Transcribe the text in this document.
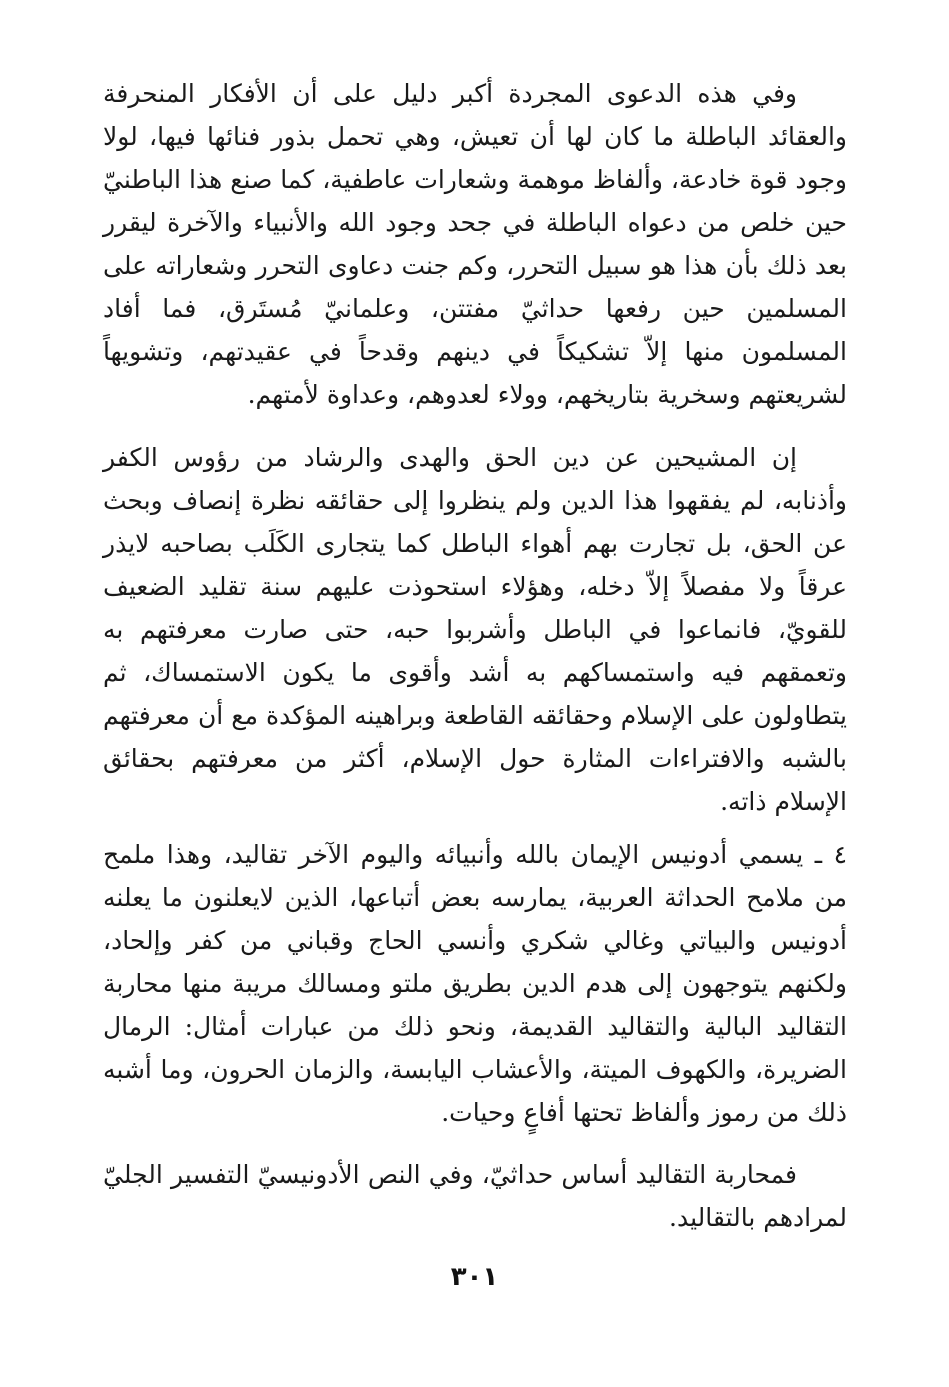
وفي هذه الدعوى المجردة أكبر دليل على أن الأفكار المنحرفة والعقائد الباطلة ما كان لها أن تعيش، وهي تحمل بذور فنائها فيها، لولا وجود قوة خادعة، وألفاظ موهمة وشعارات عاطفية، كما صنع هذا الباطنيّ حين خلص من دعواه الباطلة في جحد وجود الله والأنبياء والآخرة ليقرر بعد ذلك بأن هذا هو سبيل التحرر، وكم جنت دعاوى التحرر وشعاراته على المسلمين حين رفعها حداثيّ مفتتن، وعلمانيّ مُستَرق، فما أفاد المسلمون منها إلاّ تشكيكاً في دينهم وقدحاً في عقيدتهم، وتشويهاً لشريعتهم وسخرية بتاريخهم، وولاء لعدوهم، وعداوة لأمتهم.

إن المشيحين عن دين الحق والهدى والرشاد من رؤوس الكفر وأذنابه، لم يفقهوا هذا الدين ولم ينظروا إلى حقائقه نظرة إنصاف وبحث عن الحق، بل تجارت بهم أهواء الباطل كما يتجارى الكَلَب بصاحبه لايذر عرقاً ولا مفصلاً إلاّ دخله، وهؤلاء استحوذت عليهم سنة تقليد الضعيف للقويّ، فانماعوا في الباطل وأشربوا حبه، حتى صارت معرفتهم به وتعمقهم فيه واستمساكهم به أشد وأقوى ما يكون الاستمساك، ثم يتطاولون على الإسلام وحقائقه القاطعة وبراهينه المؤكدة مع أن معرفتهم بالشبه والافتراءات المثارة حول الإسلام، أكثر من معرفتهم بحقائق الإسلام ذاته.

٤ ـ يسمي أدونيس الإيمان بالله وأنبيائه واليوم الآخر تقاليد، وهذا ملمح من ملامح الحداثة العربية، يمارسه بعض أتباعها، الذين لايعلنون ما يعلنه أدونيس والبياتي وغالي شكري وأنسي الحاج وقباني من كفر وإلحاد، ولكنهم يتوجهون إلى هدم الدين بطريق ملتو ومسالك مريبة منها محاربة التقاليد البالية والتقاليد القديمة، ونحو ذلك من عبارات أمثال: الرمال الضريرة، والكهوف الميتة، والأعشاب اليابسة، والزمان الحرون، وما أشبه ذلك من رموز وألفاظ تحتها أفاعٍ وحيات.

فمحاربة التقاليد أساس حداثيّ، وفي النص الأدونيسيّ التفسير الجليّ لمرادهم بالتقاليد.

٣٠١
